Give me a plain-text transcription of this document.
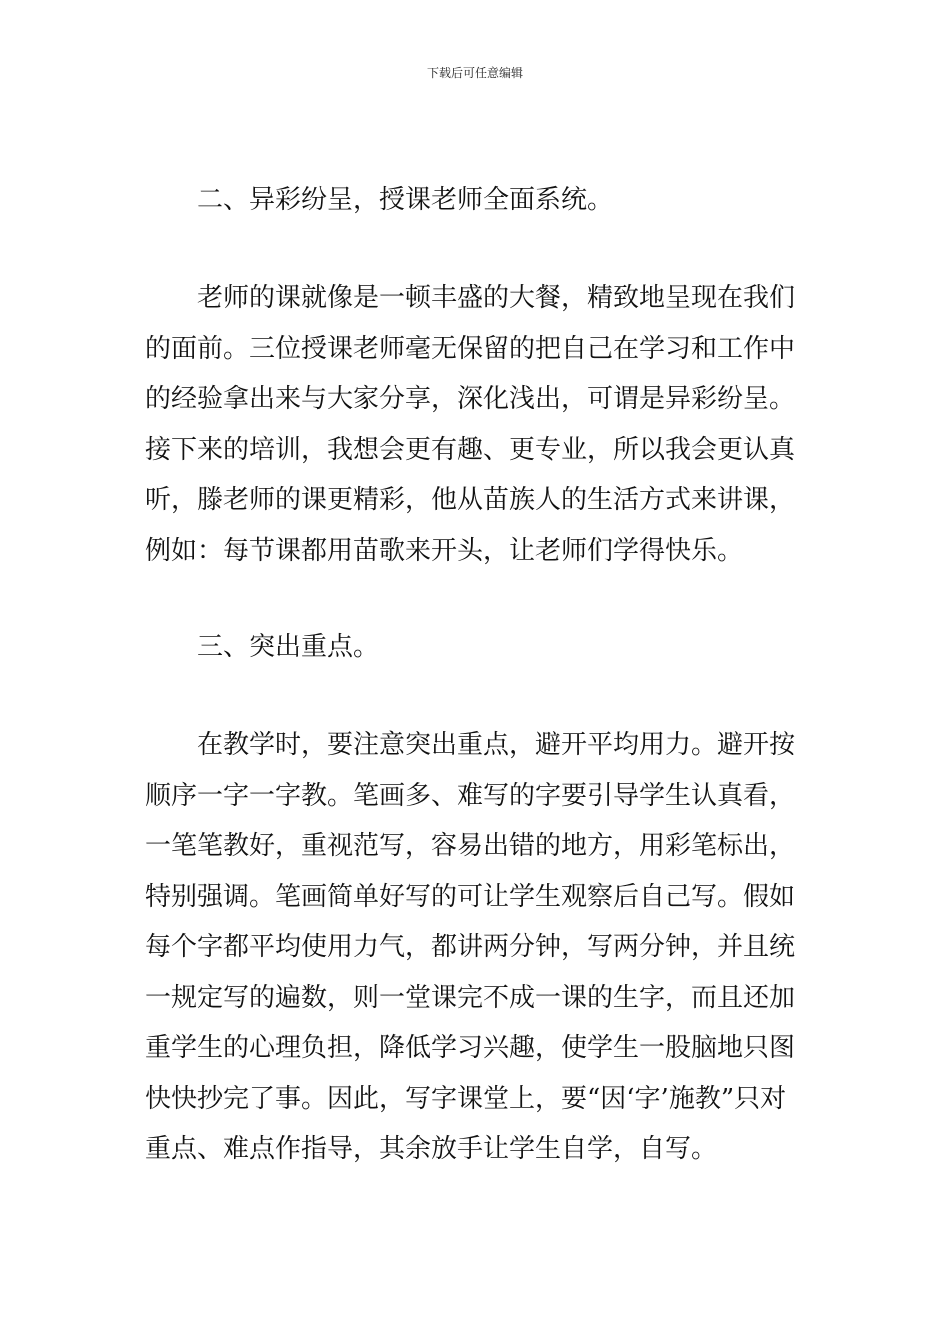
下载后可任意编辑

二、异彩纷呈，授课老师全面系统。

老师的课就像是一顿丰盛的大餐，精致地呈现在我们的面前。三位授课老师毫无保留的把自己在学习和工作中的经验拿出来与大家分享，深化浅出，可谓是异彩纷呈。接下来的培训，我想会更有趣、更专业，所以我会更认真听，滕老师的课更精彩，他从苗族人的生活方式来讲课，例如：每节课都用苗歌来开头，让老师们学得快乐。

三、突出重点。

在教学时，要注意突出重点，避开平均用力。避开按顺序一字一字教。笔画多、难写的字要引导学生认真看，一笔笔教好，重视范写，容易出错的地方，用彩笔标出，特别强调。笔画简单好写的可让学生观察后自己写。假如每个字都平均使用力气，都讲两分钟，写两分钟，并且统一规定写的遍数，则一堂课完不成一课的生字，而且还加重学生的心理负担，降低学习兴趣，使学生一股脑地只图快快抄完了事。因此，写字课堂上，要“因‘字’施教”只对重点、难点作指导，其余放手让学生自学，自写。
